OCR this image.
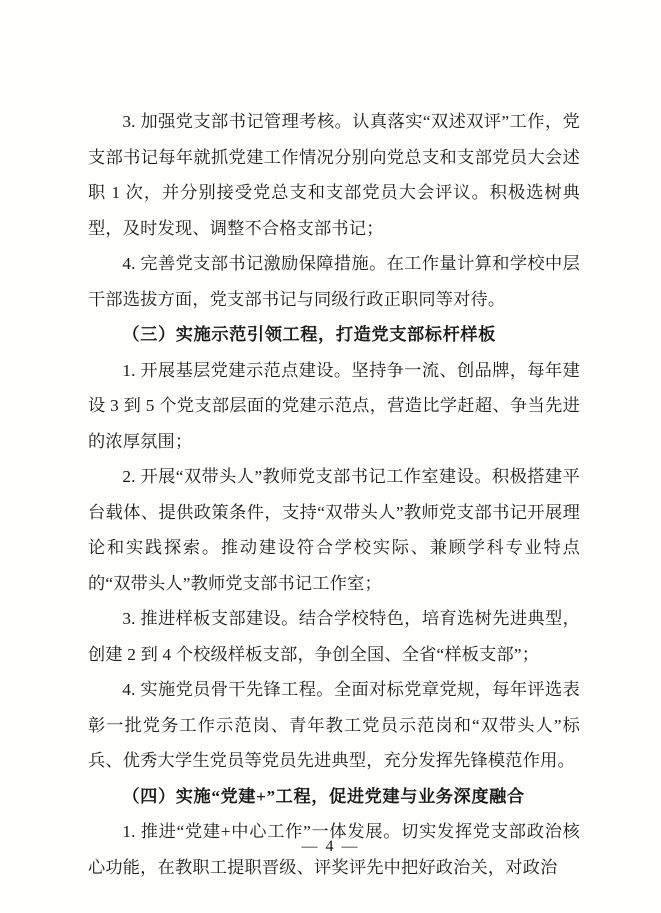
3. 加强党支部书记管理考核。认真落实“双述双评”工作，党支部书记每年就抓党建工作情况分别向党总支和支部党员大会述职 1 次，并分别接受党总支和支部党员大会评议。积极选树典型，及时发现、调整不合格支部书记；

4. 完善党支部书记激励保障措施。在工作量计算和学校中层干部选拔方面，党支部书记与同级行政正职同等对待。

（三）实施示范引领工程，打造党支部标杆样板

1. 开展基层党建示范点建设。坚持争一流、创品牌，每年建设 3 到 5 个党支部层面的党建示范点，营造比学赶超、争当先进的浓厚氛围；

2. 开展“双带头人”教师党支部书记工作室建设。积极搭建平台载体、提供政策条件，支持“双带头人”教师党支部书记开展理论和实践探索。推动建设符合学校实际、兼顾学科专业特点的“双带头人”教师党支部书记工作室；

3. 推进样板支部建设。结合学校特色，培育选树先进典型，创建 2 到 4 个校级样板支部，争创全国、全省“样板支部”；

4. 实施党员骨干先锋工程。全面对标党章党规，每年评选表彰一批党务工作示范岗、青年教工党员示范岗和“双带头人”标兵、优秀大学生党员等党员先进典型，充分发挥先锋模范作用。

（四）实施“党建+”工程，促进党建与业务深度融合

1. 推进“党建+中心工作”一体发展。切实发挥党支部政治核心功能，在教职工提职晋级、评奖评先中把好政治关，对政治

— 4 —
